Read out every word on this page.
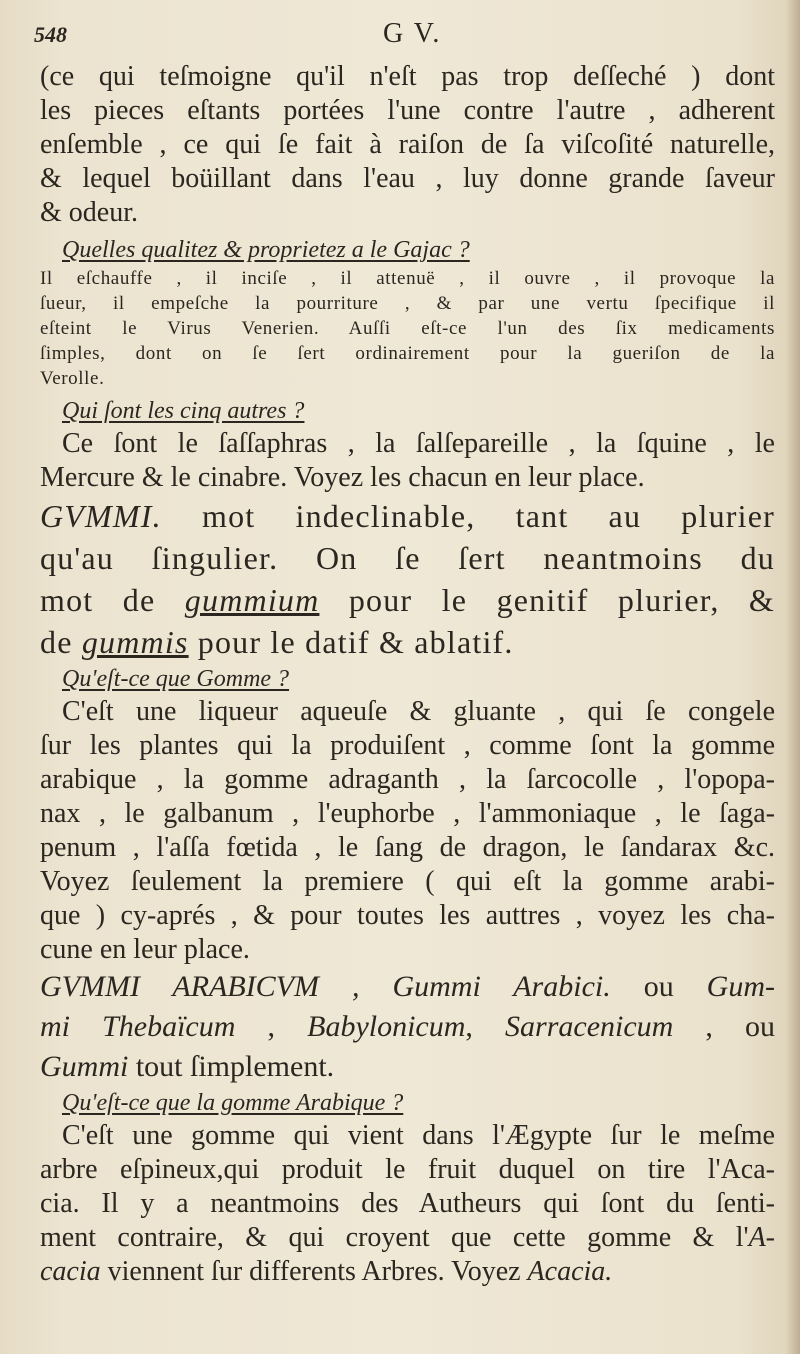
548	G V.
(ce qui teſmoigne qu'il n'eſt pas trop deſſeché ) dont
les pieces eſtants portées l'une contre l'autre , adherent
enſemble , ce qui ſe fait à raiſon de ſa viſcoſité naturelle,
& lequel boüillant dans l'eau , luy donne grande ſaveur
& odeur.
Quelles qualitez & proprietez a le Gajac ?
Il eſchauffe , il inciſe , il attenuë , il ouvre , il provoque la
ſueur, il empeſche la pourriture , & par une vertu ſpecifique il
eſteint le Virus Venerien. Auſſi eſt-ce l'un des ſix medicaments
ſimples, dont on ſe ſert ordinairement pour la gueriſon de la
Verolle.
Qui ſont les cinq autres ?
Ce ſont le ſaſſaphras , la ſalſepareille , la ſquine , le
Mercure & le cinabre. Voyez les chacun en leur place.
GVMMI. mot indeclinable, tant au plurier
qu'au ſingulier. On ſe ſert neantmoins du
mot de gummium pour le genitif plurier, &
de gummis pour le datif & ablatif.
Qu'eſt-ce que Gomme ?
C'eſt une liqueur aqueuſe & gluante , qui ſe congele
ſur les plantes qui la produiſent , comme ſont la gomme
arabique , la gomme adraganth , la ſarcocolle , l'opopa-
nax , le galbanum , l'euphorbe , l'ammoniaque , le ſaga-
penum , l'aſſa fœtida , le ſang de dragon, le ſandarax &c.
Voyez ſeulement la premiere ( qui eſt la gomme arabi-
que ) cy-aprés , & pour toutes les auttres , voyez les cha-
cune en leur place.
GVMMI ARABICVM , Gummi Arabici. ou Gum-
mi Thebaïcum , Babylonicum, Sarracenicum , ou
Gummi tout ſimplement.
Qu'eſt-ce que la gomme Arabique ?
C'eſt une gomme qui vient dans l'Ægypte ſur le meſme
arbre eſpineux,qui produit le fruit duquel on tire l'Aca-
cia. Il y a neantmoins des Autheurs qui ſont du ſenti-
ment contraire, & qui croyent que cette gomme & l'A-
cacia viennent ſur differents Arbres. Voyez Acacia.
